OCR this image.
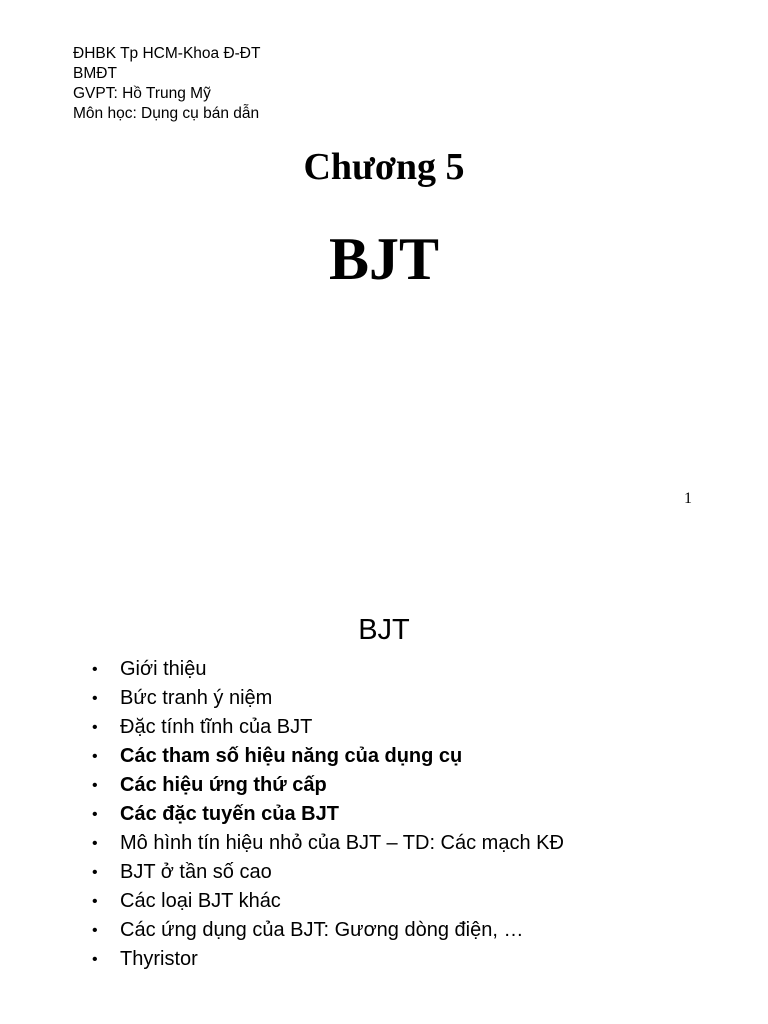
ĐHBK Tp HCM-Khoa Đ-ĐT
BMĐT
GVPT: Hồ Trung Mỹ
Môn học: Dụng cụ bán dẫn
Chương 5
BJT
1
BJT
•	Giới thiệu
•	Bức tranh ý niệm
•	Đặc tính tĩnh của BJT
•	Các tham số hiệu năng của dụng cụ
•	Các hiệu ứng thứ cấp
•	Các đặc tuyến của BJT
•	Mô hình tín hiệu nhỏ của BJT – TD: Các mạch KĐ
•	BJT ở tần số cao
•	Các loại BJT khác
•	Các ứng dụng của BJT: Gương dòng điện, …
•	Thyristor
